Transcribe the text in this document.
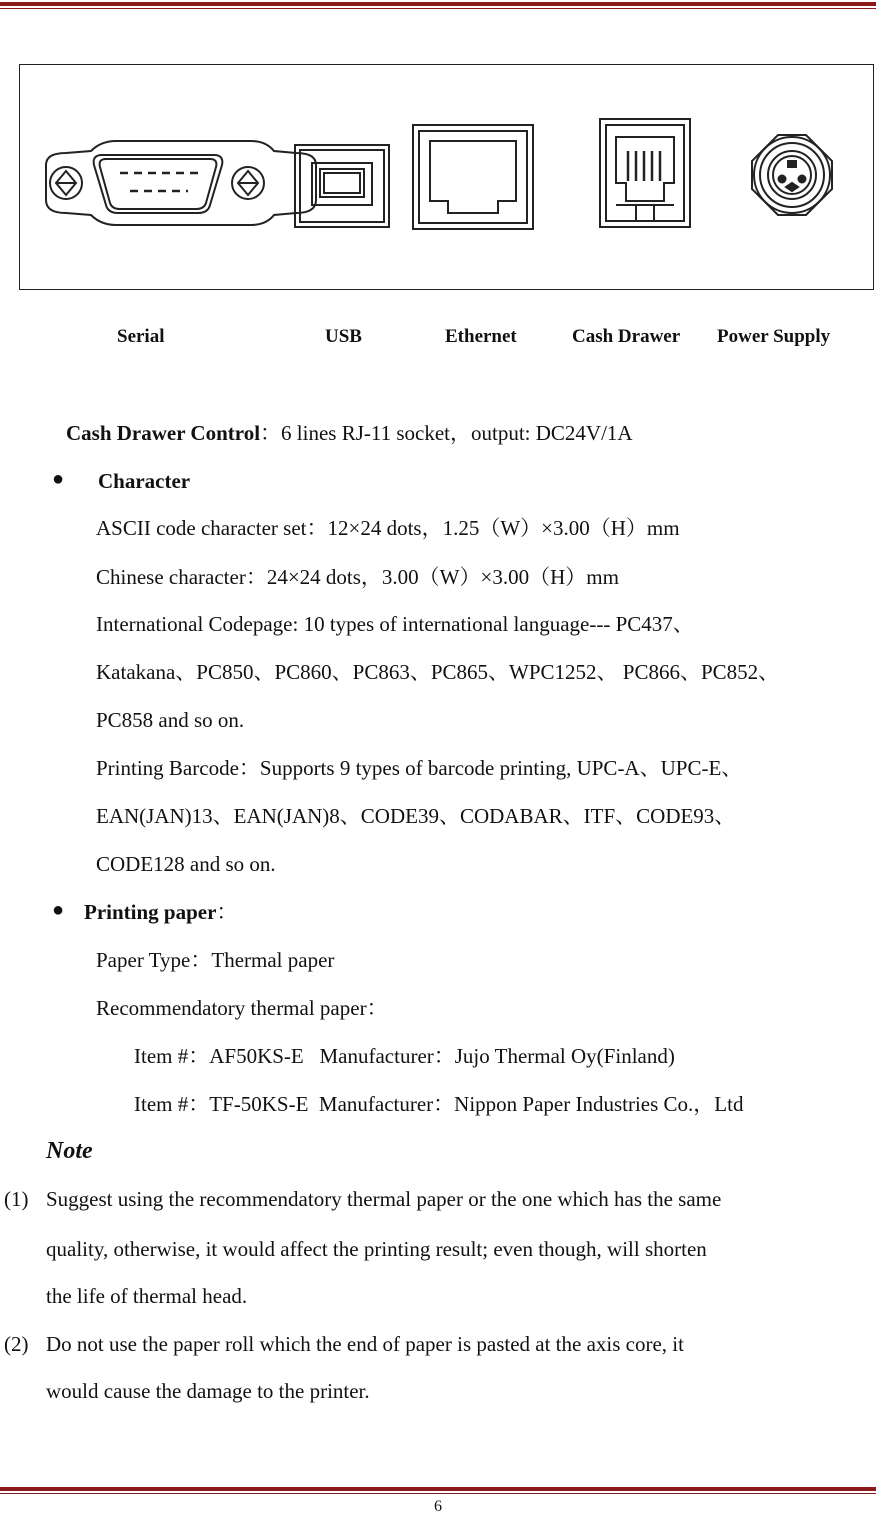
Serial	USB	Ethernet	Cash Drawer Power Supply
Cash Drawer Control：6 lines RJ-11 socket，output: DC24V/1A
● Character
ASCII code character set：12×24 dots，1.25（W）×3.00（H）mm
Chinese character：24×24 dots，3.00（W）×3.00（H）mm
International Codepage: 10 types of international language--- PC437、
Katakana、PC850、PC860、PC863、PC865、WPC1252、 PC866、PC852、
PC858 and so on.
Printing Barcode：Supports 9 types of barcode printing, UPC-A、UPC-E、
EAN(JAN)13、EAN(JAN)8、CODE39、CODABAR、ITF、CODE93、
CODE128 and so on.
● Printing paper：
Paper Type：Thermal paper
Recommendatory thermal paper：
Item #：AF50KS-E   Manufacturer：Jujo Thermal Oy(Finland)
Item #：TF-50KS-E  Manufacturer：Nippon Paper Industries Co.，Ltd
Note
(1) Suggest using the recommendatory thermal paper or the one which has the same
quality, otherwise, it would affect the printing result; even though, will shorten
the life of thermal head.
(2) Do not use the paper roll which the end of paper is pasted at the axis core, it
would cause the damage to the printer.
6
